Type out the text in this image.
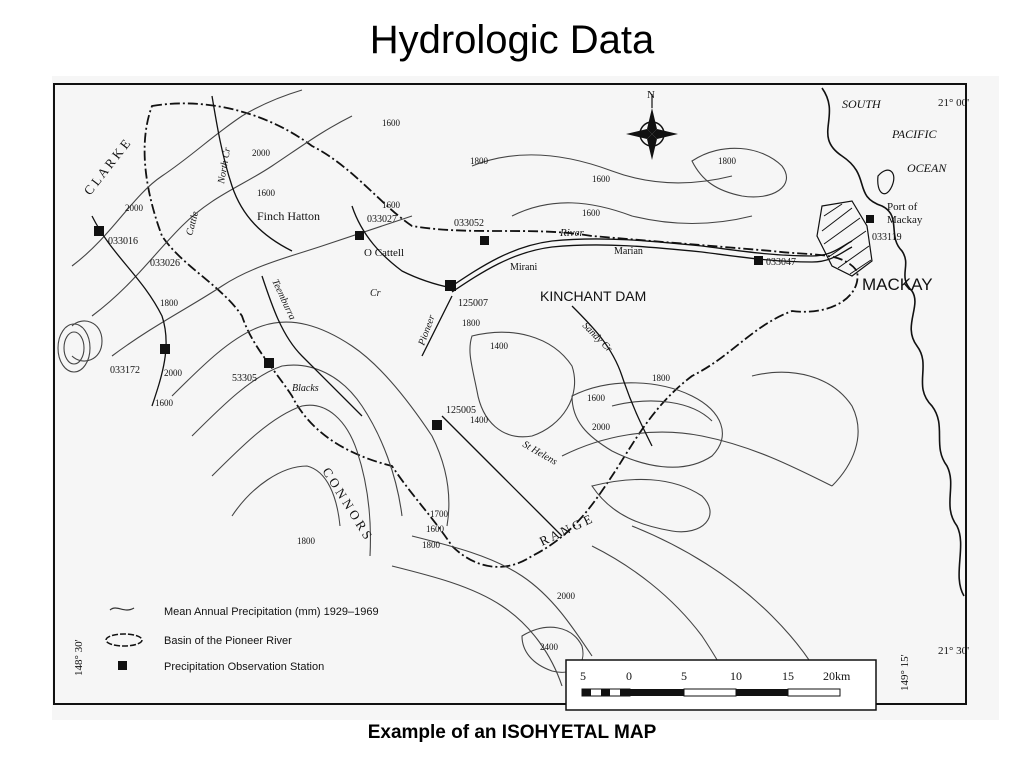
Hydrologic Data
N
21° 00'
21° 30'
148° 30'	149° 15'
SOUTH
PACIFIC
OCEAN
Port of
Mackay
MACKAY
Finch Hatton
O Cattell
Mirani
Marian
River
KINCHANT DAM
Cr
C L A R K E
C O N N O R S	R A N G E
North Cr
Cattle
Pioneer	Sandy Cr
Blacks
Teemburra
St Helens
1600
2000
1800
1600
1800
1600
1600
1400
1800
1600
1800
2000
1600
1800
2000
1400
1700
1600
1800
2000
1600
1800
2400
2000
033027	033052
033016
033026
033172
125007
125005
53305
033047
033119
Mean Annual Precipitation (mm) 1929–1969
Basin of the Pioneer River
Precipitation Observation Station
5	0	5	10	15 20km
Example of an ISOHYETAL MAP
